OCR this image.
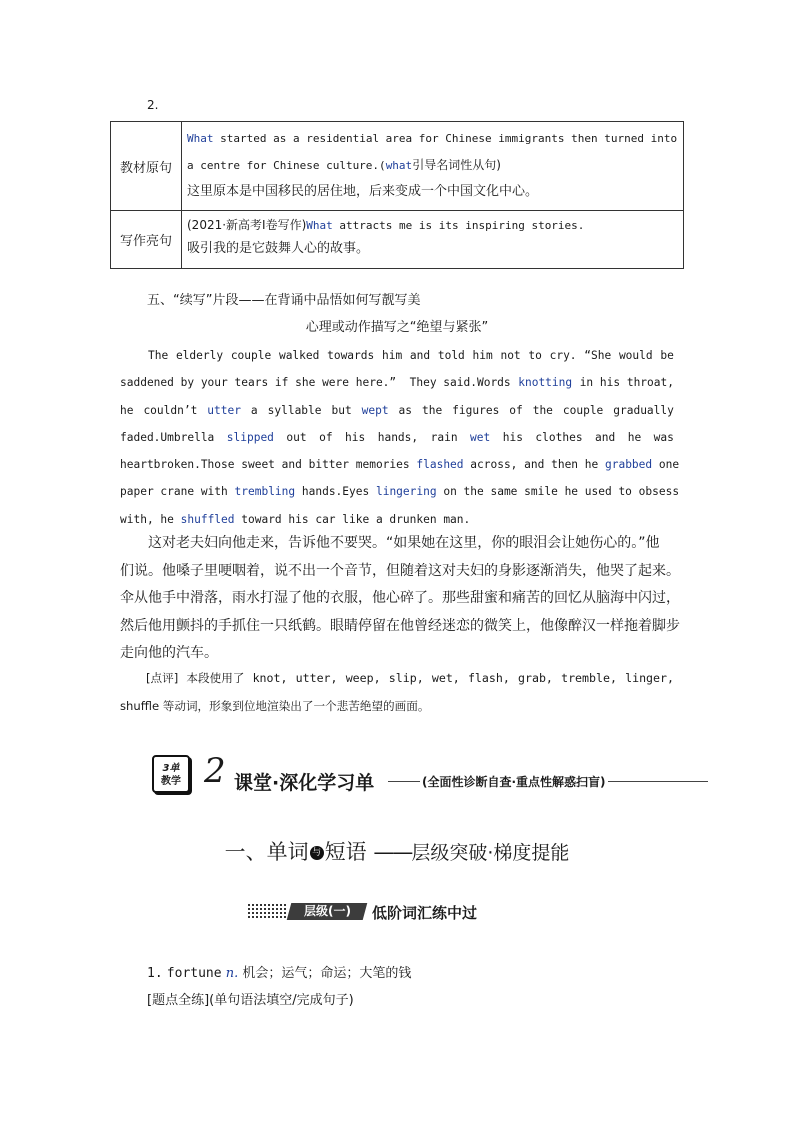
2.
教材原句	What started as a residential area for Chinese immigrants then turned into
a centre for Chinese culture.(what引导名词性从句)
这里原本是中国移民的居住地，后来变成一个中国文化中心。

写作亮句	(2021·新高考Ⅰ卷写作)What attracts me is its inspiring stories.
吸引我的是它鼓舞人心的故事。
五、“续写”片段——在背诵中品悟如何写靓写美
心理或动作描写之“绝望与紧张”
The elderly couple walked towards him and told him not to cry. “She would be
saddened by your tears if she were here.”  They said.Words knotting in his throat,
he couldn’t utter a syllable but wept as the figures of the couple gradually
faded.Umbrella slipped out of his hands, rain wet his clothes and he was
heartbroken.Those sweet and bitter memories flashed across, and then he grabbed one
paper crane with trembling hands.Eyes lingering on the same smile he used to obsess
with, he shuffled toward his car like a drunken man.
这对老夫妇向他走来，告诉他不要哭。“如果她在这里，你的眼泪会让她伤心的。”他
们说。他嗓子里哽咽着，说不出一个音节，但随着这对夫妇的身影逐渐消失，他哭了起来。
伞从他手中滑落，雨水打湿了他的衣服，他心碎了。那些甜蜜和痛苦的回忆从脑海中闪过，
然后他用颤抖的手抓住一只纸鹤。眼睛停留在他曾经迷恋的微笑上，他像醉汉一样拖着脚步
走向他的汽车。
[点评] 本段使用了 knot, utter, weep, slip, wet, flash, grab, tremble, linger,
shuffle 等动词，形象到位地渲染出了一个悲苦绝望的画面。
3单
教学 2 课堂·深化学习单	(全面性诊断自查·重点性解惑扫盲)
一、单词 与 短语 ——层级突破·梯度提能
层级(一)	低阶词汇练中过
1. fortune n. 机会；运气；命运；大笔的钱
[题点全练](单句语法填空/完成句子)
